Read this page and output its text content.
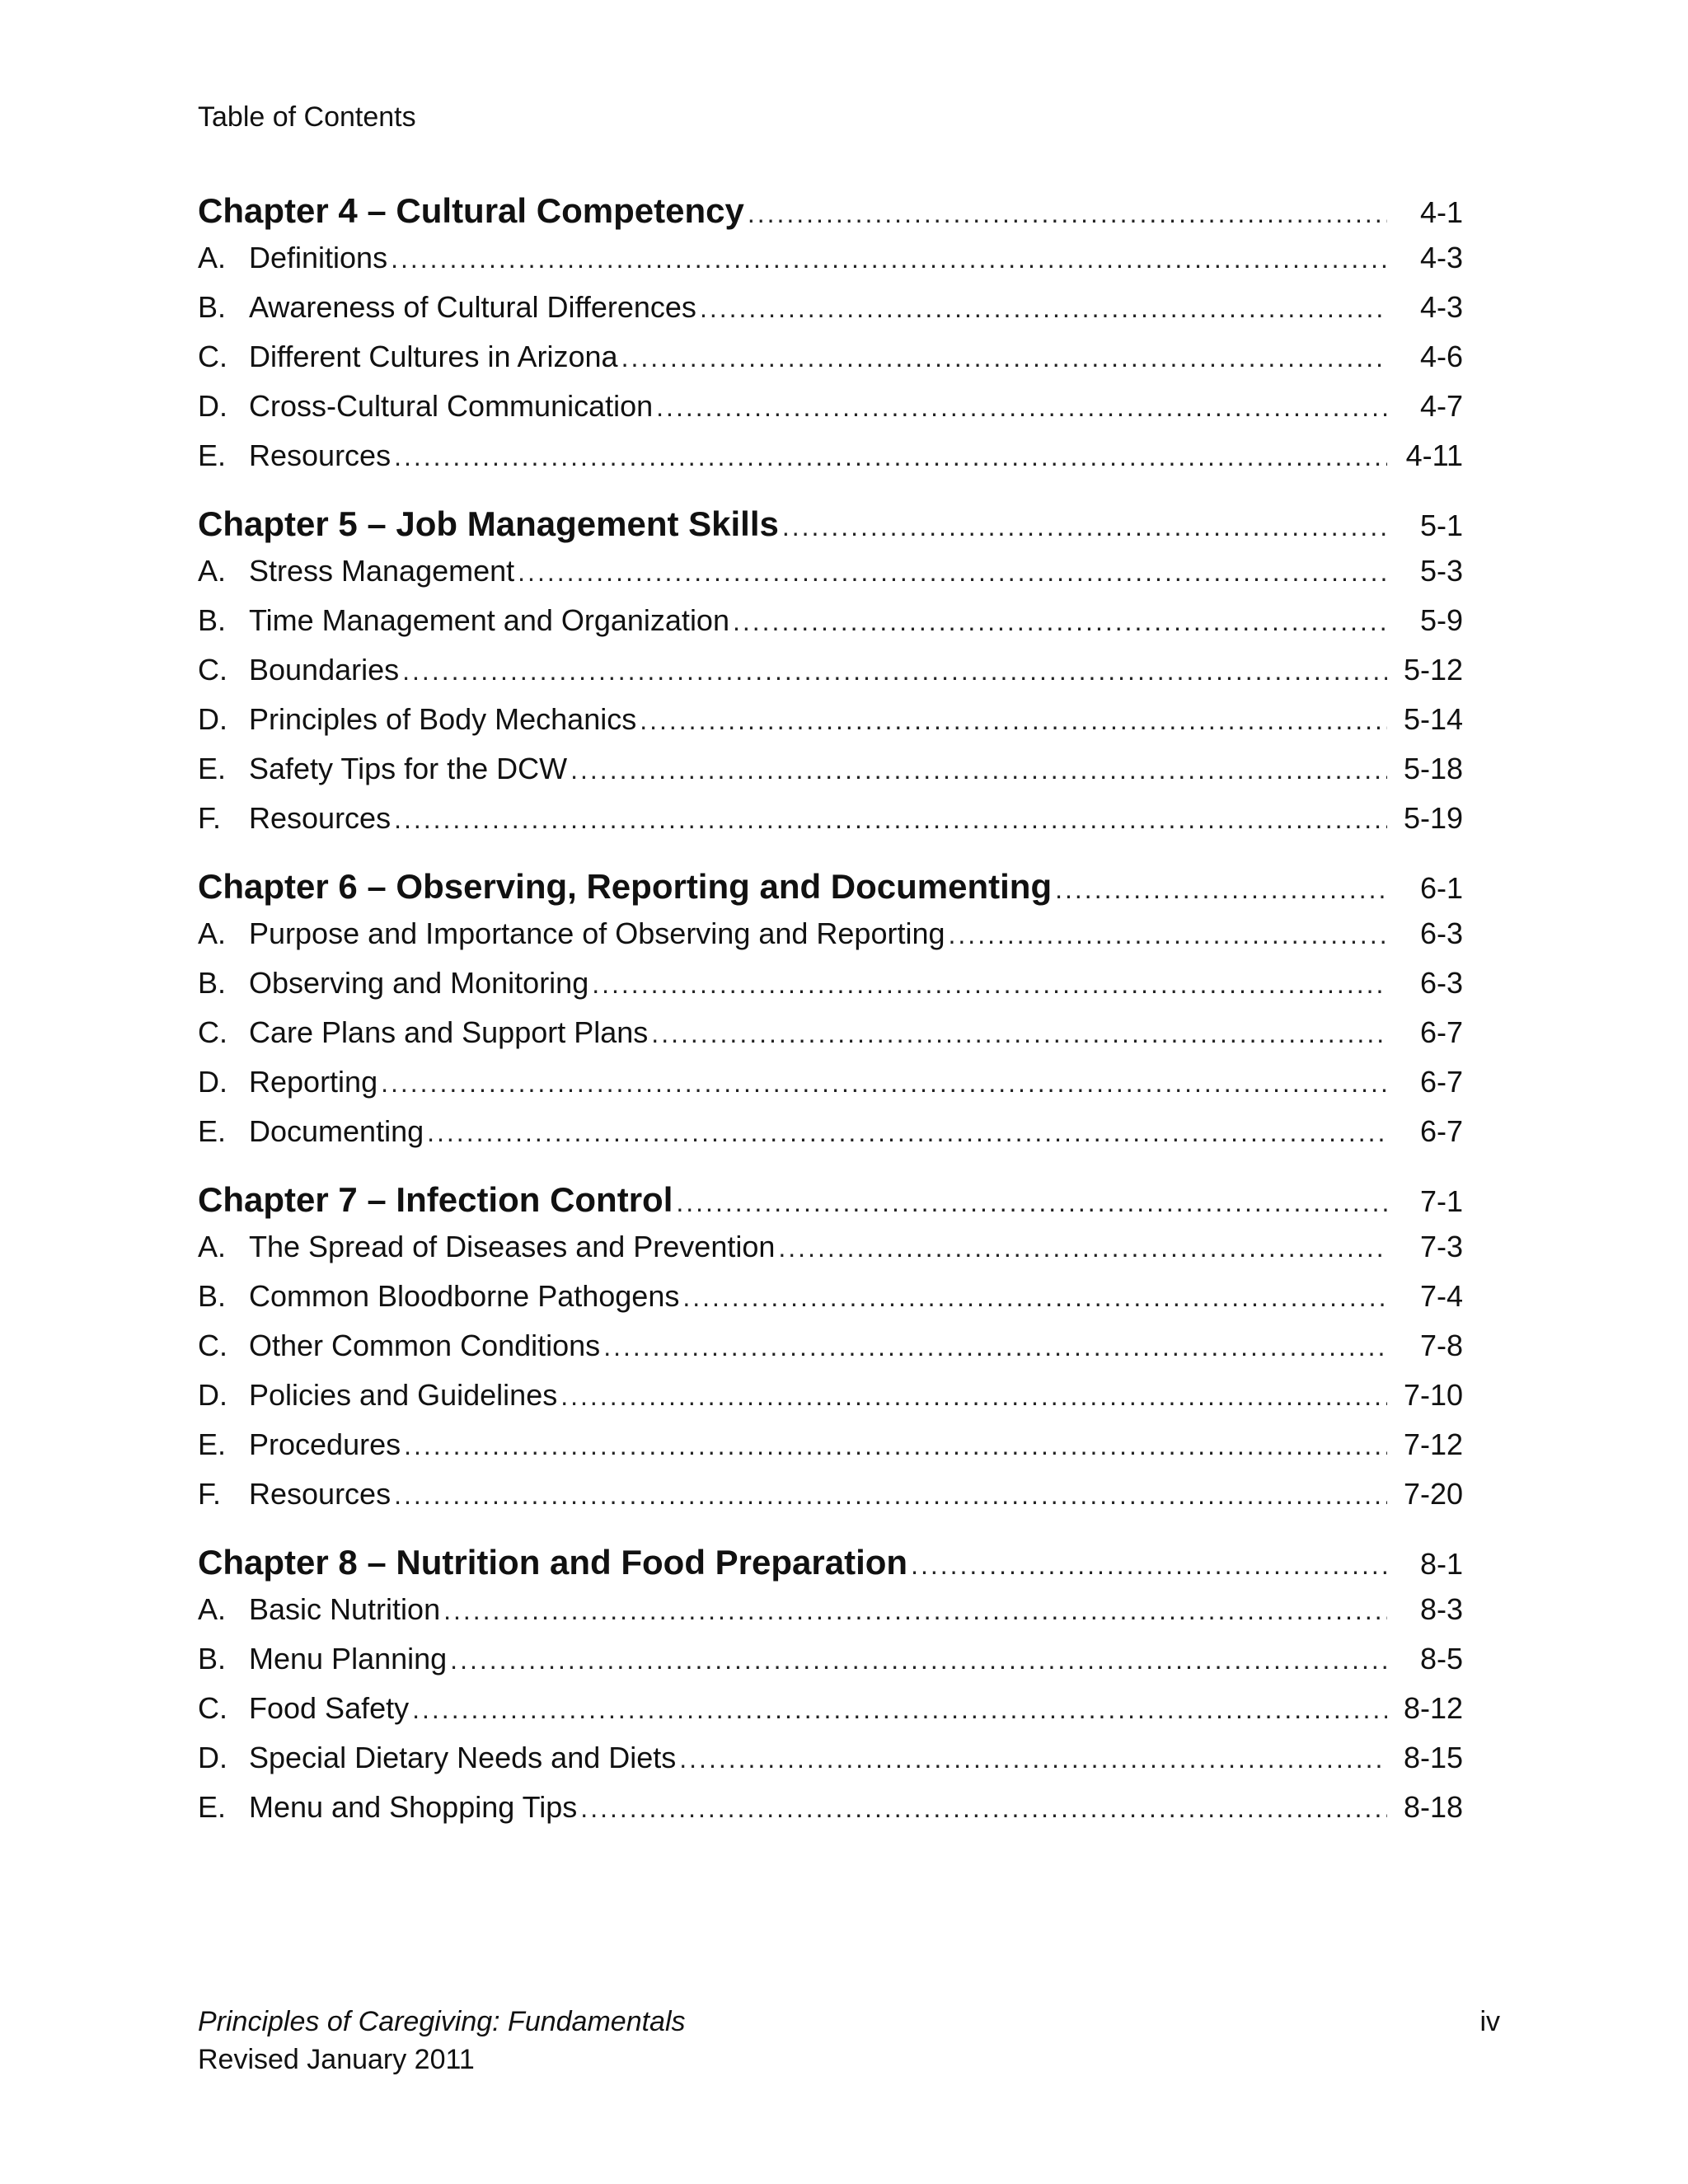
Table of Contents
Chapter 4 – Cultural Competency .....	4-1
A. Definitions .....	4-3
B. Awareness of Cultural Differences .....	4-3
C. Different Cultures in Arizona .....	4-6
D. Cross-Cultural Communication .....	4-7
E. Resources .....	4-11
Chapter 5 – Job Management Skills .....	5-1
A. Stress Management .....	5-3
B. Time Management and Organization .....	5-9
C. Boundaries .....	5-12
D. Principles of Body Mechanics .....	5-14
E. Safety Tips for the DCW .....	5-18
F. Resources .....	5-19
Chapter 6 – Observing, Reporting and Documenting .....	6-1
A. Purpose and Importance of Observing and Reporting .....	6-3
B. Observing and Monitoring .....	6-3
C. Care Plans and Support Plans .....	6-7
D. Reporting .....	6-7
E. Documenting .....	6-7
Chapter 7 – Infection Control .....	7-1
A. The Spread of Diseases and Prevention .....	7-3
B. Common Bloodborne Pathogens .....	7-4
C. Other Common Conditions .....	7-8
D. Policies and Guidelines .....	7-10
E. Procedures .....	7-12
F. Resources .....	7-20
Chapter 8 – Nutrition and Food Preparation .....	8-1
A. Basic Nutrition .....	8-3
B. Menu Planning .....	8-5
C. Food Safety .....	8-12
D. Special Dietary Needs and Diets .....	8-15
E. Menu and Shopping Tips .....	8-18
Principles of Caregiving: Fundamentals
Revised January 2011
iv
